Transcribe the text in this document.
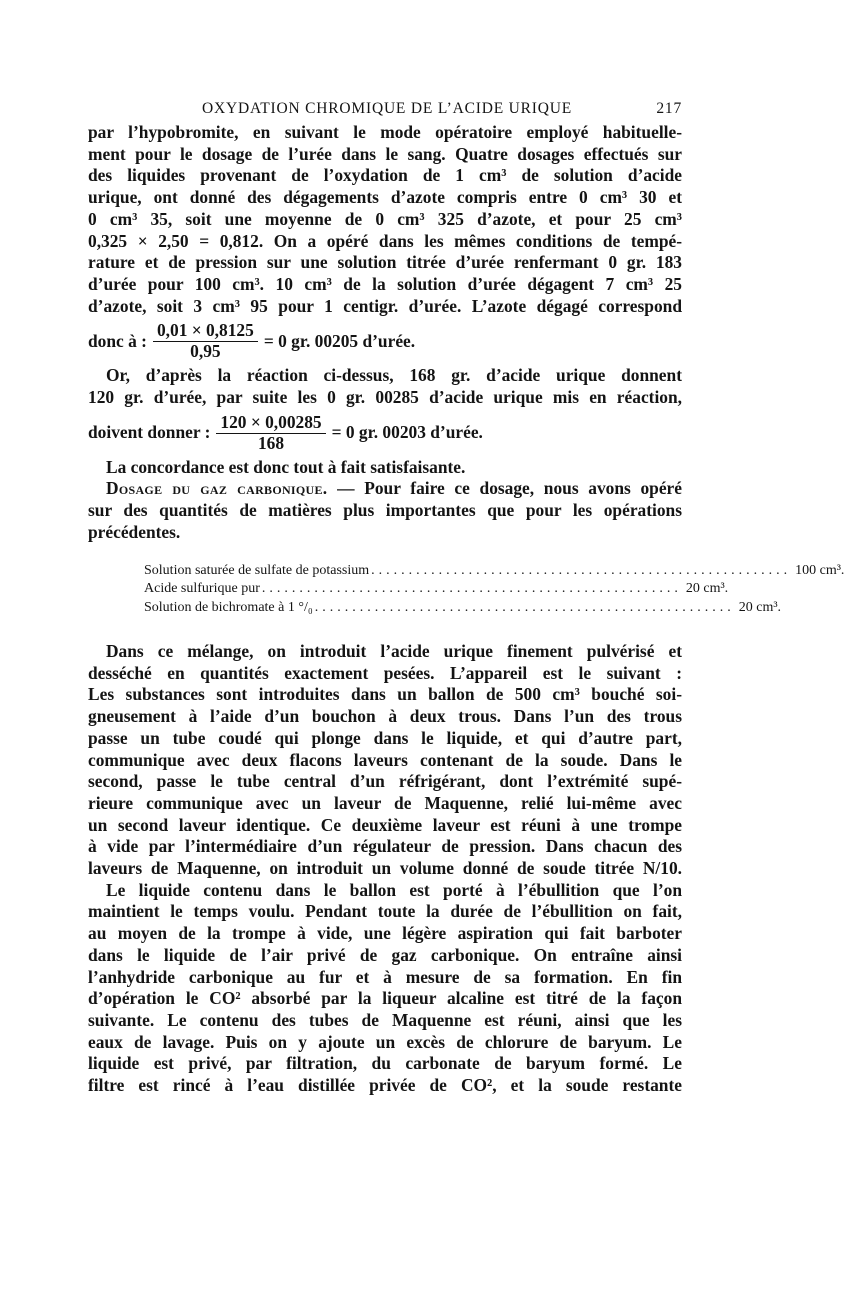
OXYDATION CHROMIQUE DE L’ACIDE URIQUE	217

par l’hypobromite, en suivant le mode opératoire employé habituelle-
ment pour le dosage de l’urée dans le sang. Quatre dosages effectués sur
des liquides provenant de l’oxydation de 1 cm³ de solution d’acide
urique, ont donné des dégagements d’azote compris entre 0 cm³ 30 et
0 cm³ 35, soit une moyenne de 0 cm³ 325 d’azote, et pour 25 cm³
0,325 × 2,50 = 0,812. On a opéré dans les mêmes conditions de tempé-
rature et de pression sur une solution titrée d’urée renfermant 0 gr. 183
d’urée pour 100 cm³. 10 cm³ de la solution d’urée dégagent 7 cm³ 25
d’azote, soit 3 cm³ 95 pour 1 centigr. d’urée. L’azote dégagé correspond

donc à : $\frac{0,01 \times 0,8125}{0,95} = 0$ gr. 00205 d’urée.

Or, d’après la réaction ci-dessus, 168 gr. d’acide urique donnent
120 gr. d’urée, par suite les 0 gr. 00285 d’acide urique mis en réaction,

doivent donner : $\frac{120 \times 0,00285}{168} = 0$ gr. 00203 d’urée.

La concordance est donc tout à fait satisfaisante.

Dosage du gaz carbonique. — Pour faire ce dosage, nous avons opéré
sur des quantités de matières plus importantes que pour les opérations
précédentes.

Solution saturée de sulfate de potassium ........................................................ 100 cm³.
Acide sulfurique pur ........................................................ 20 cm³.
Solution de bichromate à 1 °/₀ ........................................................ 20 cm³.

Dans ce mélange, on introduit l’acide urique finement pulvérisé et
desséché en quantités exactement pesées. L’appareil est le suivant :
Les substances sont introduites dans un ballon de 500 cm³ bouché soi-
gneusement à l’aide d’un bouchon à deux trous. Dans l’un des trous
passe un tube coudé qui plonge dans le liquide, et qui d’autre part,
communique avec deux flacons laveurs contenant de la soude. Dans le
second, passe le tube central d’un réfrigérant, dont l’extrémité supé-
rieure communique avec un laveur de Maquenne, relié lui-même avec
un second laveur identique. Ce deuxième laveur est réuni à une trompe
à vide par l’intermédiaire d’un régulateur de pression. Dans chacun des
laveurs de Maquenne, on introduit un volume donné de soude titrée N/10.

Le liquide contenu dans le ballon est porté à l’ébullition que l’on
maintient le temps voulu. Pendant toute la durée de l’ébullition on fait,
au moyen de la trompe à vide, une légère aspiration qui fait barboter
dans le liquide de l’air privé de gaz carbonique. On entraîne ainsi
l’anhydride carbonique au fur et à mesure de sa formation. En fin
d’opération le CO² absorbé par la liqueur alcaline est titré de la façon
suivante. Le contenu des tubes de Maquenne est réuni, ainsi que les
eaux de lavage. Puis on y ajoute un excès de chlorure de baryum. Le
liquide est privé, par filtration, du carbonate de baryum formé. Le
filtre est rincé à l’eau distillée privée de CO², et la soude restante
